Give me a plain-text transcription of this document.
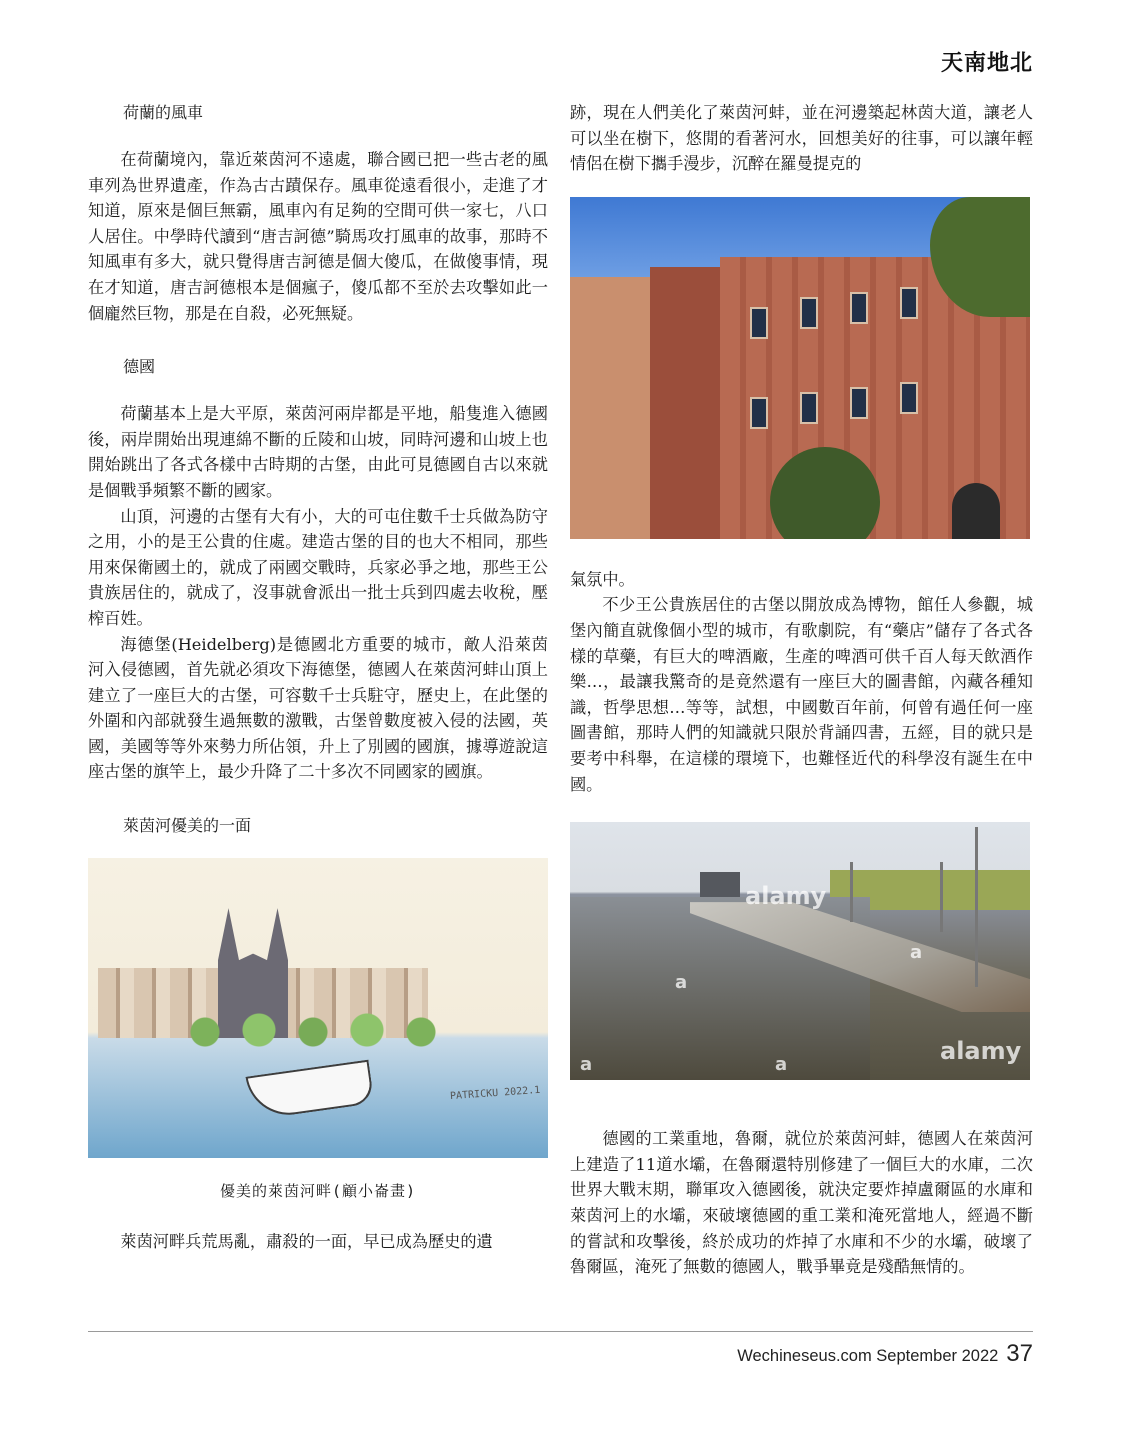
天南地北
荷蘭的風車

在荷蘭境內，靠近萊茵河不遠處，聯合國已把一些古老的風車列為世界遺產，作為古古蹟保存。風車從遠看很小，走進了才知道，原來是個巨無霸，風車內有足夠的空間可供一家七，八口人居住。中學時代讀到“唐吉訶德”騎馬攻打風車的故事，那時不知風車有多大，就只覺得唐吉訶德是個大傻瓜，在做傻事情，現在才知道，唐吉訶德根本是個瘋子，傻瓜都不至於去攻擊如此一個龐然巨物，那是在自殺，必死無疑。

德國

荷蘭基本上是大平原，萊茵河兩岸都是平地，船隻進入德國後，兩岸開始出現連綿不斷的丘陵和山坡，同時河邊和山坡上也開始跳出了各式各樣中古時期的古堡，由此可見德國自古以來就是個戰爭頻繁不斷的國家。

山頂，河邊的古堡有大有小，大的可屯住數千士兵做為防守之用，小的是王公貴的住處。建造古堡的目的也大不相同，那些用來保衛國土的，就成了兩國交戰時，兵家必爭之地，那些王公貴族居住的，就成了，沒事就會派出一批士兵到四處去收稅，壓榨百姓。

海德堡(Heidelberg)是德國北方重要的城市，敵人沿萊茵河入侵德國，首先就必須攻下海德堡，德國人在萊茵河蚌山頂上建立了一座巨大的古堡，可容數千士兵駐守，歷史上，在此堡的外圍和內部就發生過無數的激戰，古堡曾數度被入侵的法國，英國，美國等等外來勢力所佔領，升上了別國的國旗，據導遊說這座古堡的旗竿上，最少升降了二十多次不同國家的國旗。

萊茵河優美的一面
PATRICKU 2022.1
優美的萊茵河畔(顧小崙畫)

萊茵河畔兵荒馬亂，肅殺的一面，早已成為歷史的遺

跡，現在人們美化了萊茵河蚌，並在河邊築起林茵大道，讓老人可以坐在樹下，悠閒的看著河水，回想美好的往事，可以讓年輕情侶在樹下攜手漫步，沉醉在羅曼提克的

氣氛中。

不少王公貴族居住的古堡以開放成為博物，館任人參觀，城堡內簡直就像個小型的城市，有歌劇院，有“藥店”儲存了各式各樣的草藥，有巨大的啤酒廠，生產的啤酒可供千百人每天飲酒作樂…，最讓我驚奇的是竟然還有一座巨大的圖書館，內藏各種知識，哲學思想…等等，試想，中國數百年前，何曾有過任何一座圖書館，那時人們的知識就只限於背誦四書，五經，目的就只是要考中科舉，在這樣的環境下，也難怪近代的科學沒有誕生在中國。

alamy
alamy
a
a
a	a

德國的工業重地，魯爾，就位於萊茵河蚌，德國人在萊茵河上建造了11道水壩，在魯爾還特別修建了一個巨大的水庫，二次世界大戰末期，聯軍攻入德國後，就決定要炸掉盧爾區的水庫和萊茵河上的水壩，來破壞德國的重工業和淹死當地人，經過不斷的嘗試和攻擊後，終於成功的炸掉了水庫和不少的水壩，破壞了魯爾區，淹死了無數的德國人，戰爭畢竟是殘酷無情的。

Wechineseus.com September 2022 37
